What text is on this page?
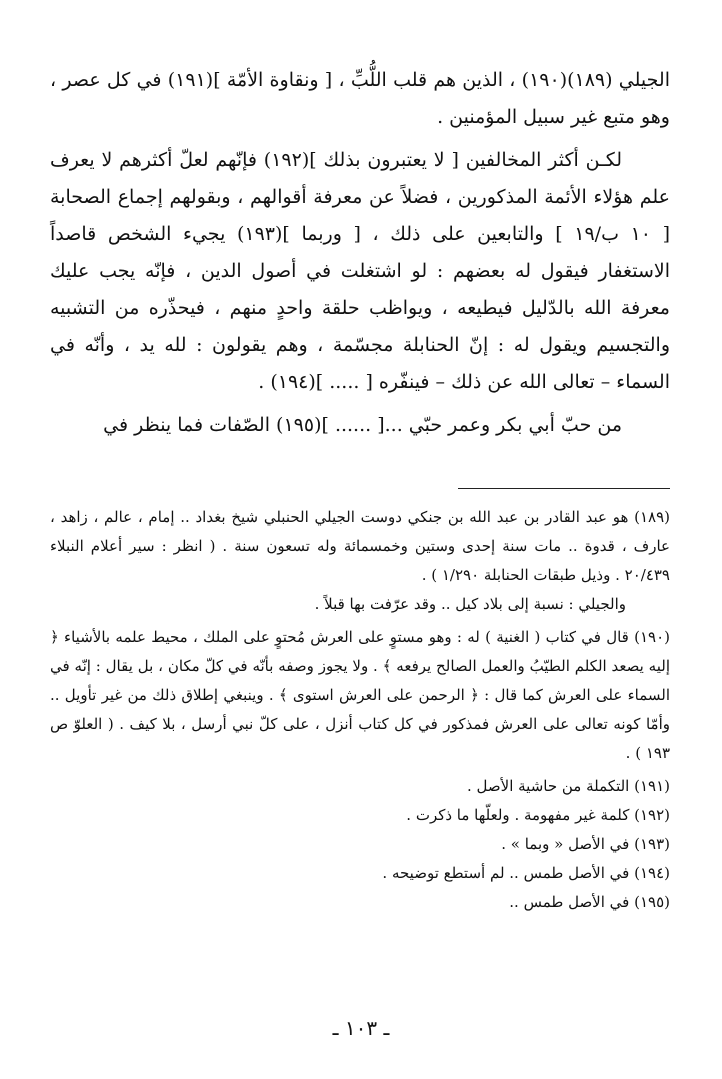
الجيلي (١٨٩)(١٩٠) ، الذين هم قلب اللُّبِّ ، [ ونقاوة الأمّة ](١٩١) في كل عصر ، وهو متبع غير سبيل المؤمنين .

لكـن أكثر المخالفين [ لا يعتبرون بذلك ](١٩٢) فإنّهم لعلّ أكثرهم لا يعرف علم هؤلاء الأئمة المذكورين ، فضلاً عن معرفة أقوالهم ، وبقولهم إجماع الصحابة [ ١٠ ب/١٩ ] والتابعين على ذلك ، [ وربما ](١٩٣) يجيء الشخص قاصداً الاستغفار فيقول له بعضهم : لو اشتغلت في أصول الدين ، فإنّه يجب عليك معرفة الله بالدّليل فيطيعه ، ويواظب حلقة واحدٍ منهم ، فيحذّره من التشبيه والتجسيم ويقول له : إنّ الحنابلة مجسّمة ، وهم يقولون : لله يد ، وأنّه في السماء – تعالى الله عن ذلك – فينفّره [ ..... ](١٩٤) .

من حبّ أبي بكر وعمر حبّي ...[ ...... ](١٩٥) الصّفات فما ينظر في

(١٨٩) هو عبد القادر بن عبد الله بن جنكي دوست الجيلي الحنبلي شيخ بغداد .. إمام ، عالم ، زاهد ، عارف ، قدوة .. مات سنة إحدى وستين وخمسمائة وله تسعون سنة . ( انظر : سير أعلام النبلاء ٢٠/٤٣٩ . وذيل طبقات الحنابلة ١/٢٩٠ ) .

والجيلي : نسبة إلى بلاد كيل .. وقد عرّفت بها قبلاً .

(١٩٠) قال في كتاب ( الغنية ) له : وهو مستوٍ على العرش مُحتوٍ على الملك ، محيط علمه بالأشياء ﴿ إليه يصعد الكلم الطيّبُ والعمل الصالح يرفعه ﴾ . ولا يجوز وصفه بأنّه في كلّ مكان ، بل يقال : إنّه في السماء على العرش كما قال : ﴿ الرحمن على العرش استوى ﴾ . وينبغي إطلاق ذلك من غير تأويل .. وأمّا كونه تعالى على العرش فمذكور في كل كتاب أنزل ، على كلّ نبي أرسل ، بلا كيف . ( العلوّ ص ١٩٣ ) .

(١٩١) التكملة من حاشية الأصل .

(١٩٢) كلمة غير مفهومة . ولعلّها ما ذكرت .

(١٩٣) في الأصل « وبما » .

(١٩٤) في الأصل طمس .. لم أستطع توضيحه .

(١٩٥) في الأصل طمس ..

ـ ١٠٣ ـ
